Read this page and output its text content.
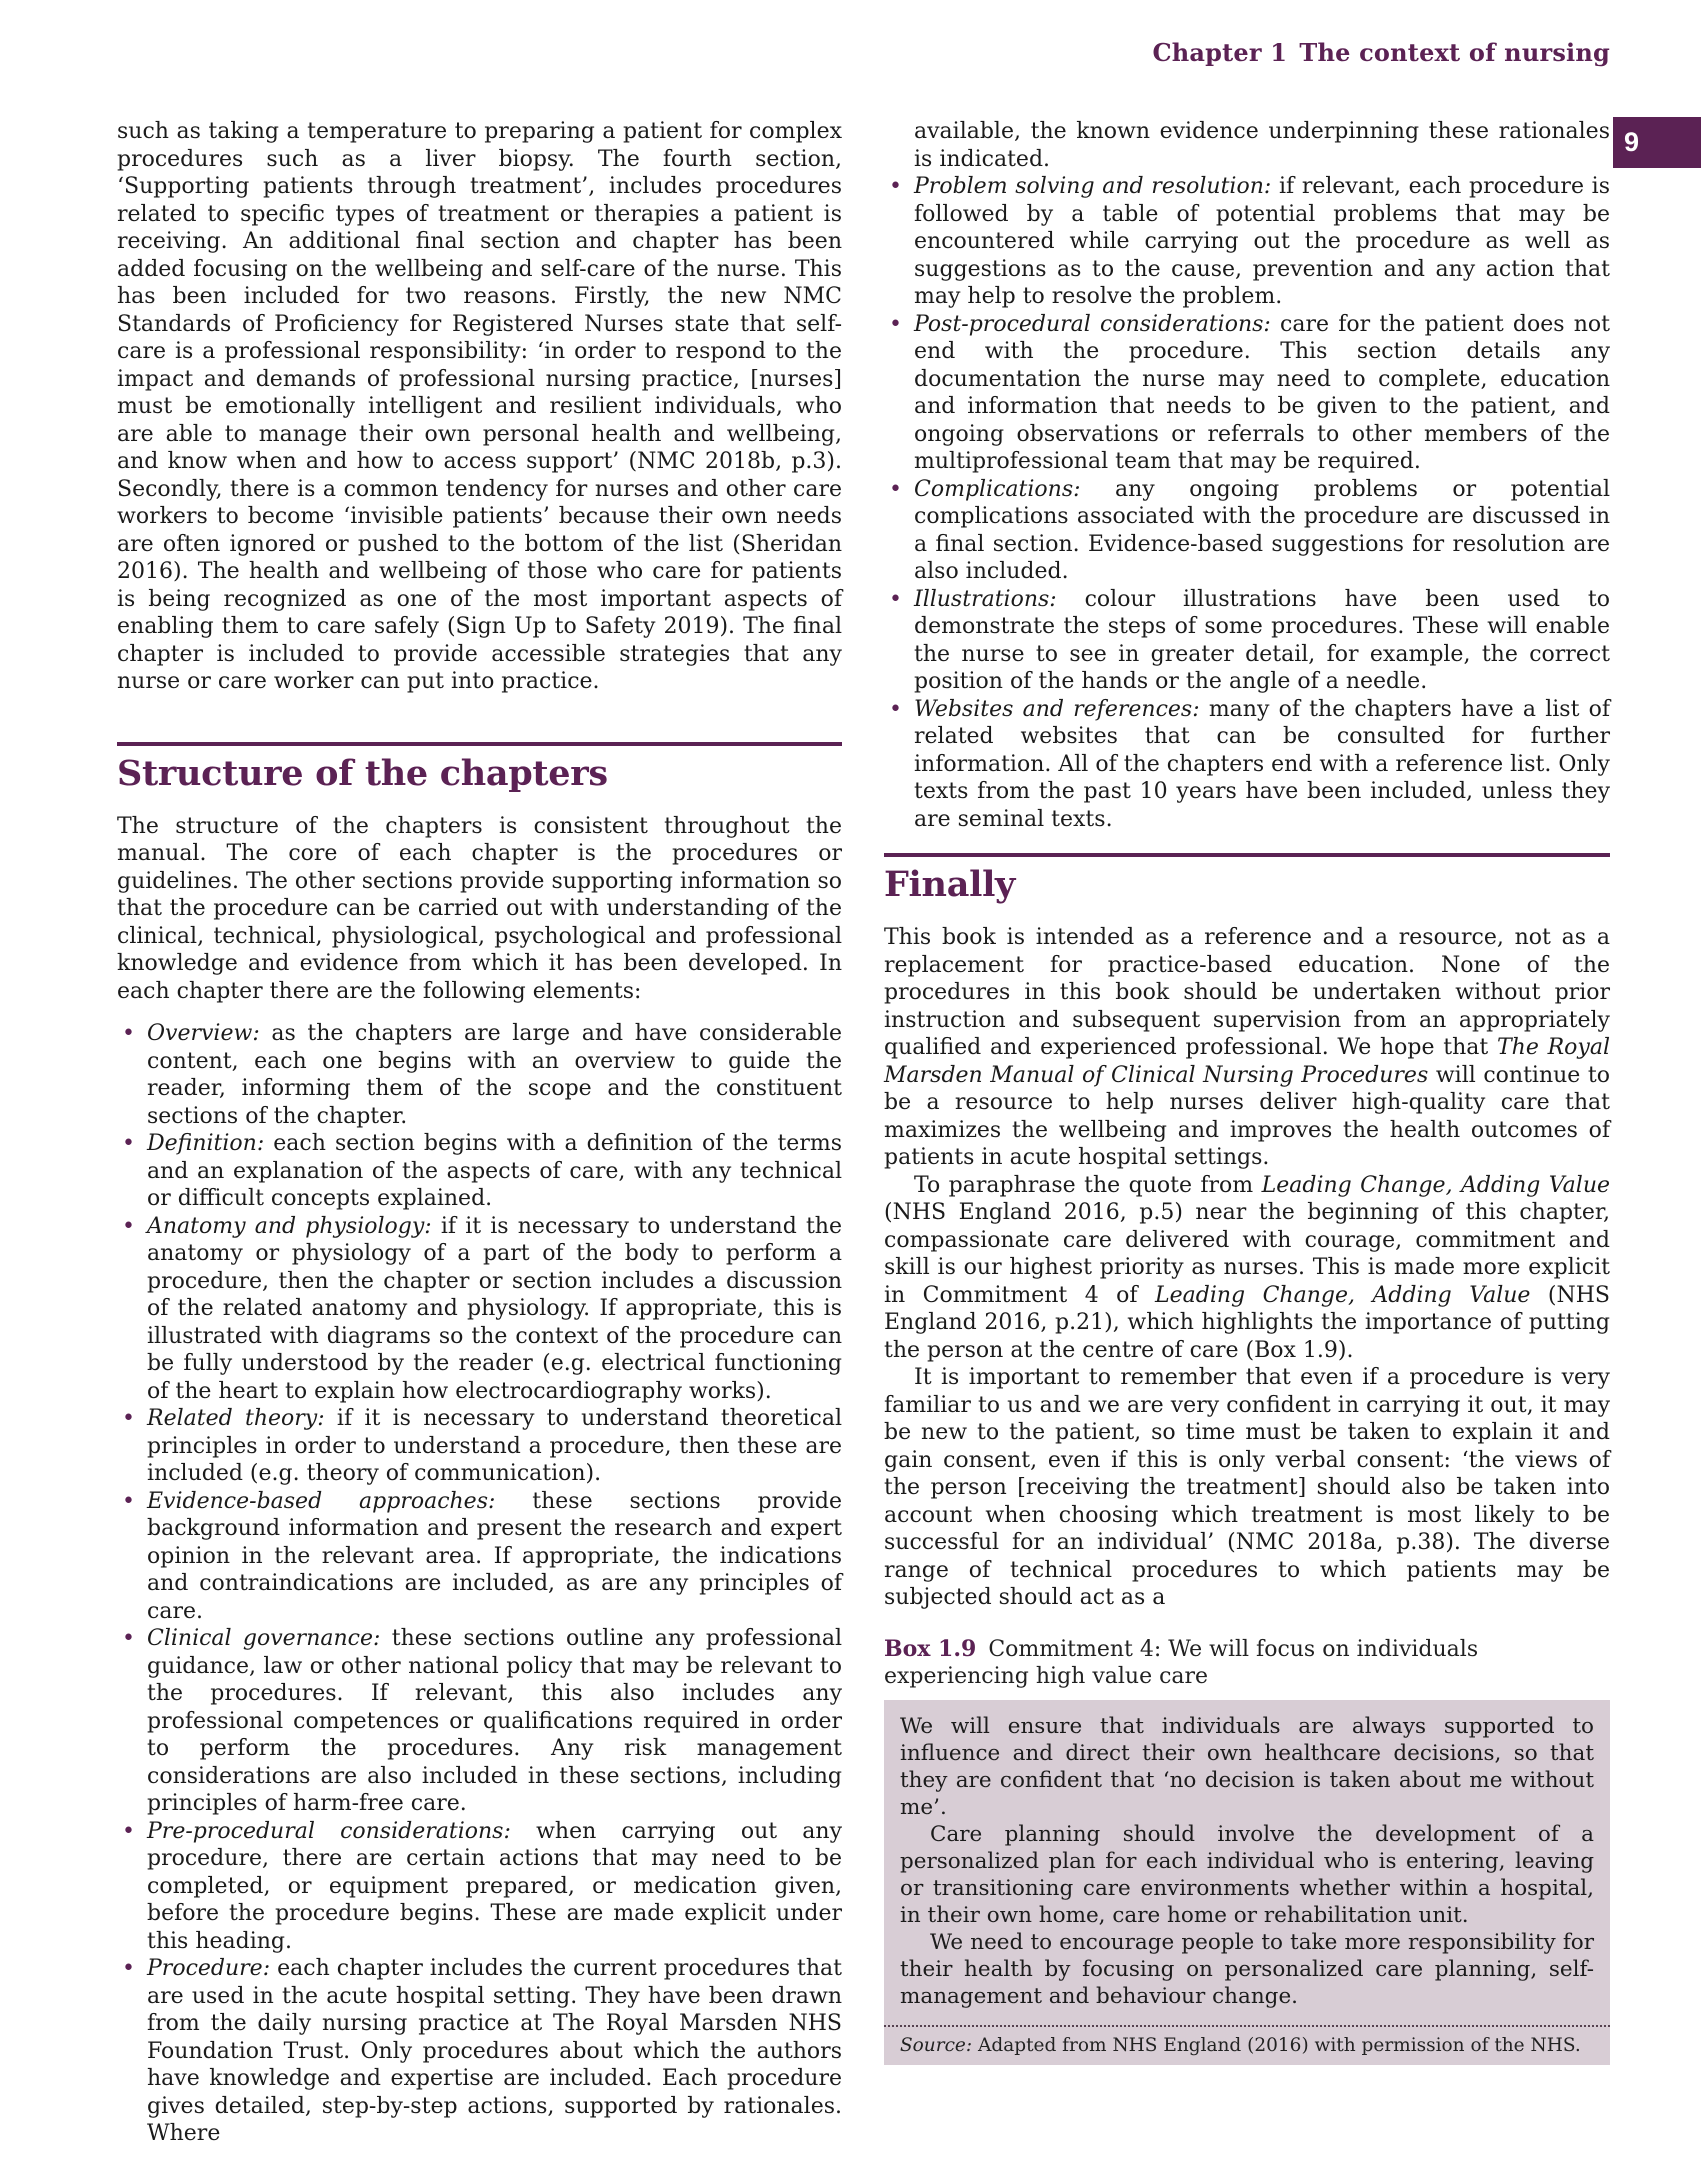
Chapter 1 The context of nursing
9

such as taking a temperature to preparing a patient for complex procedures such as a liver biopsy. The fourth section, ‘Supporting patients through treatment’, includes procedures related to specific types of treatment or therapies a patient is receiving. An additional final section and chapter has been added focusing on the wellbeing and self-care of the nurse. This has been included for two reasons. Firstly, the new NMC Standards of Proficiency for Registered Nurses state that self-care is a professional responsibility: ‘in order to respond to the impact and demands of professional nursing practice, [nurses] must be emotionally intelligent and resilient individuals, who are able to manage their own personal health and wellbeing, and know when and how to access support’ (NMC 2018b, p.3). Secondly, there is a common tendency for nurses and other care workers to become ‘invisible patients’ because their own needs are often ignored or pushed to the bottom of the list (Sheridan 2016). The health and wellbeing of those who care for patients is being recognized as one of the most important aspects of enabling them to care safely (Sign Up to Safety 2019). The final chapter is included to provide accessible strategies that any nurse or care worker can put into practice.

Structure of the chapters

The structure of the chapters is consistent throughout the manual. The core of each chapter is the procedures or guidelines. The other sections provide supporting information so that the procedure can be carried out with understanding of the clinical, technical, physiological, psychological and professional knowledge and evidence from which it has been developed. In each chapter there are the following elements:

• Overview: as the chapters are large and have considerable content, each one begins with an overview to guide the reader, informing them of the scope and the constituent sections of the chapter.
• Definition: each section begins with a definition of the terms and an explanation of the aspects of care, with any technical or difficult concepts explained.
• Anatomy and physiology: if it is necessary to understand the anatomy or physiology of a part of the body to perform a procedure, then the chapter or section includes a discussion of the related anatomy and physiology. If appropriate, this is illustrated with diagrams so the context of the procedure can be fully understood by the reader (e.g. electrical functioning of the heart to explain how electrocardiography works).
• Related theory: if it is necessary to understand theoretical principles in order to understand a procedure, then these are included (e.g. theory of communication).
• Evidence-based approaches: these sections provide background information and present the research and expert opinion in the relevant area. If appropriate, the indications and contraindications are included, as are any principles of care.
• Clinical governance: these sections outline any professional guidance, law or other national policy that may be relevant to the procedures. If relevant, this also includes any professional competences or qualifications required in order to perform the procedures. Any risk management considerations are also included in these sections, including principles of harm-free care.
• Pre-procedural considerations: when carrying out any procedure, there are certain actions that may need to be completed, or equipment prepared, or medication given, before the procedure begins. These are made explicit under this heading.
• Procedure: each chapter includes the current procedures that are used in the acute hospital setting. They have been drawn from the daily nursing practice at The Royal Marsden NHS Foundation Trust. Only procedures about which the authors have knowledge and expertise are included. Each procedure gives detailed, step-by-step actions, supported by rationales. Where
available, the known evidence underpinning these rationales is indicated.
• Problem solving and resolution: if relevant, each procedure is followed by a table of potential problems that may be encountered while carrying out the procedure as well as suggestions as to the cause, prevention and any action that may help to resolve the problem.
• Post-procedural considerations: care for the patient does not end with the procedure. This section details any documentation the nurse may need to complete, education and information that needs to be given to the patient, and ongoing observations or referrals to other members of the multiprofessional team that may be required.
• Complications: any ongoing problems or potential complications associated with the procedure are discussed in a final section. Evidence-based suggestions for resolution are also included.
• Illustrations: colour illustrations have been used to demonstrate the steps of some procedures. These will enable the nurse to see in greater detail, for example, the correct position of the hands or the angle of a needle.
• Websites and references: many of the chapters have a list of related websites that can be consulted for further information. All of the chapters end with a reference list. Only texts from the past 10 years have been included, unless they are seminal texts.
Finally

This book is intended as a reference and a resource, not as a replacement for practice-based education. None of the procedures in this book should be undertaken without prior instruction and subsequent supervision from an appropriately qualified and experienced professional. We hope that The Royal Marsden Manual of Clinical Nursing Procedures will continue to be a resource to help nurses deliver high-quality care that maximizes the wellbeing and improves the health outcomes of patients in acute hospital settings.

To paraphrase the quote from Leading Change, Adding Value (NHS England 2016, p.5) near the beginning of this chapter, compassionate care delivered with courage, commitment and skill is our highest priority as nurses. This is made more explicit in Commitment 4 of Leading Change, Adding Value (NHS England 2016, p.21), which highlights the importance of putting the person at the centre of care (Box 1.9).

It is important to remember that even if a procedure is very familiar to us and we are very confident in carrying it out, it may be new to the patient, so time must be taken to explain it and gain consent, even if this is only verbal consent: ‘the views of the person [receiving the treatment] should also be taken into account when choosing which treatment is most likely to be successful for an individual’ (NMC 2018a, p.38). The diverse range of technical procedures to which patients may be subjected should act as a

Box 1.9 Commitment 4: We will focus on individuals experiencing high value care

We will ensure that individuals are always supported to influence and direct their own healthcare decisions, so that they are confident that ‘no decision is taken about me without me’.

Care planning should involve the development of a personalized plan for each individual who is entering, leaving or transitioning care environments whether within a hospital, in their own home, care home or rehabilitation unit.

We need to encourage people to take more responsibility for their health by focusing on personalized care planning, self-management and behaviour change.

Source: Adapted from NHS England (2016) with permission of the NHS.
